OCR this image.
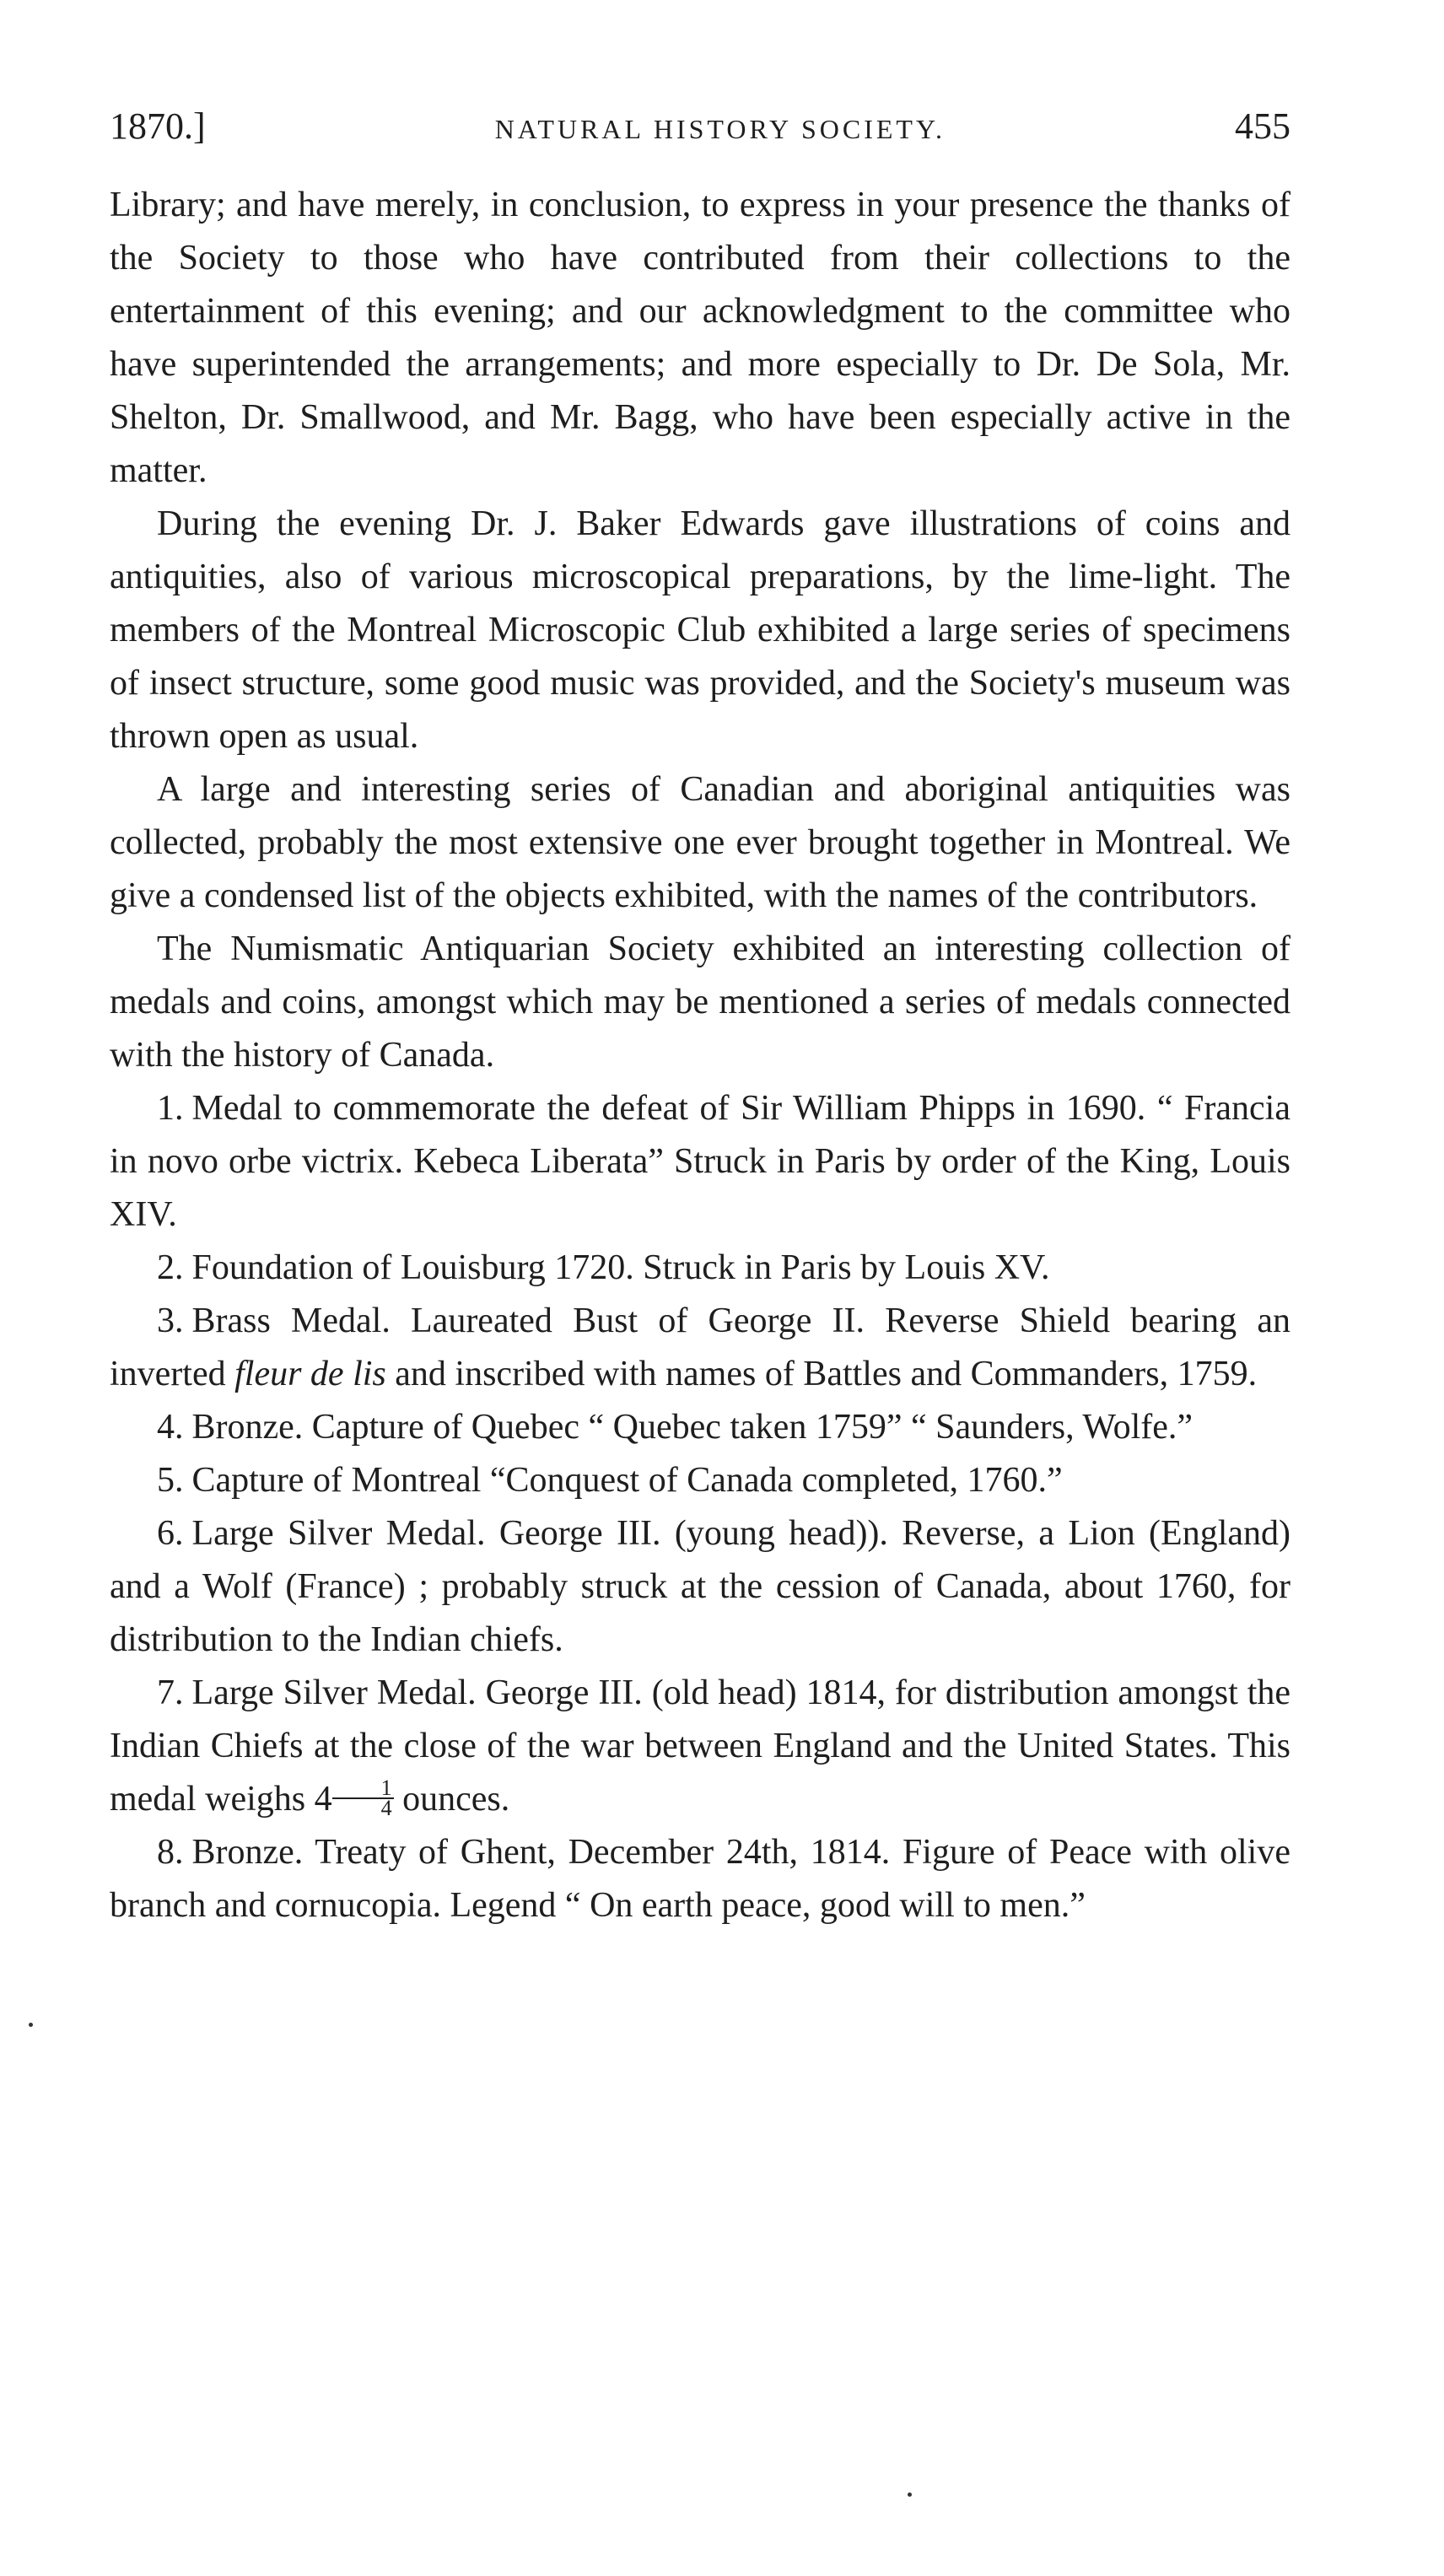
1870.]	NATURAL HISTORY SOCIETY.	455

Library; and have merely, in conclusion, to express in your presence the thanks of the Society to those who have contributed from their collections to the entertainment of this evening; and our acknowledgment to the committee who have superintended the arrangements; and more especially to Dr. De Sola, Mr. Shelton, Dr. Smallwood, and Mr. Bagg, who have been especially active in the matter.

During the evening Dr. J. Baker Edwards gave illustrations of coins and antiquities, also of various microscopical preparations, by the lime-light. The members of the Montreal Microscopic Club exhibited a large series of specimens of insect structure, some good music was provided, and the Society's museum was thrown open as usual.

A large and interesting series of Canadian and aboriginal antiquities was collected, probably the most extensive one ever brought together in Montreal. We give a condensed list of the objects exhibited, with the names of the contributors.

The Numismatic Antiquarian Society exhibited an interesting collection of medals and coins, amongst which may be mentioned a series of medals connected with the history of Canada.

1. Medal to commemorate the defeat of Sir William Phipps in 1690. “ Francia in novo orbe victrix. Kebeca Liberata” Struck in Paris by order of the King, Louis XIV.

2. Foundation of Louisburg 1720. Struck in Paris by Louis XV.

3. Brass Medal. Laureated Bust of George II. Reverse Shield bearing an inverted fleur de lis and inscribed with names of Battles and Commanders, 1759.

4. Bronze. Capture of Quebec “ Quebec taken 1759” “ Saunders, Wolfe.”

5. Capture of Montreal “Conquest of Canada completed, 1760.”

6. Large Silver Medal. George III. (young head)). Reverse, a Lion (England) and a Wolf (France) ; probably struck at the cession of Canada, about 1760, for distribution to the Indian chiefs.

7. Large Silver Medal. George III. (old head) 1814, for distribution amongst the Indian Chiefs at the close of the war between England and the United States. This medal weighs $4 \frac{1}{4}$ ounces.

8. Bronze. Treaty of Ghent, December 24th, 1814. Figure of Peace with olive branch and cornucopia. Legend “ On earth peace, good will to men.”
